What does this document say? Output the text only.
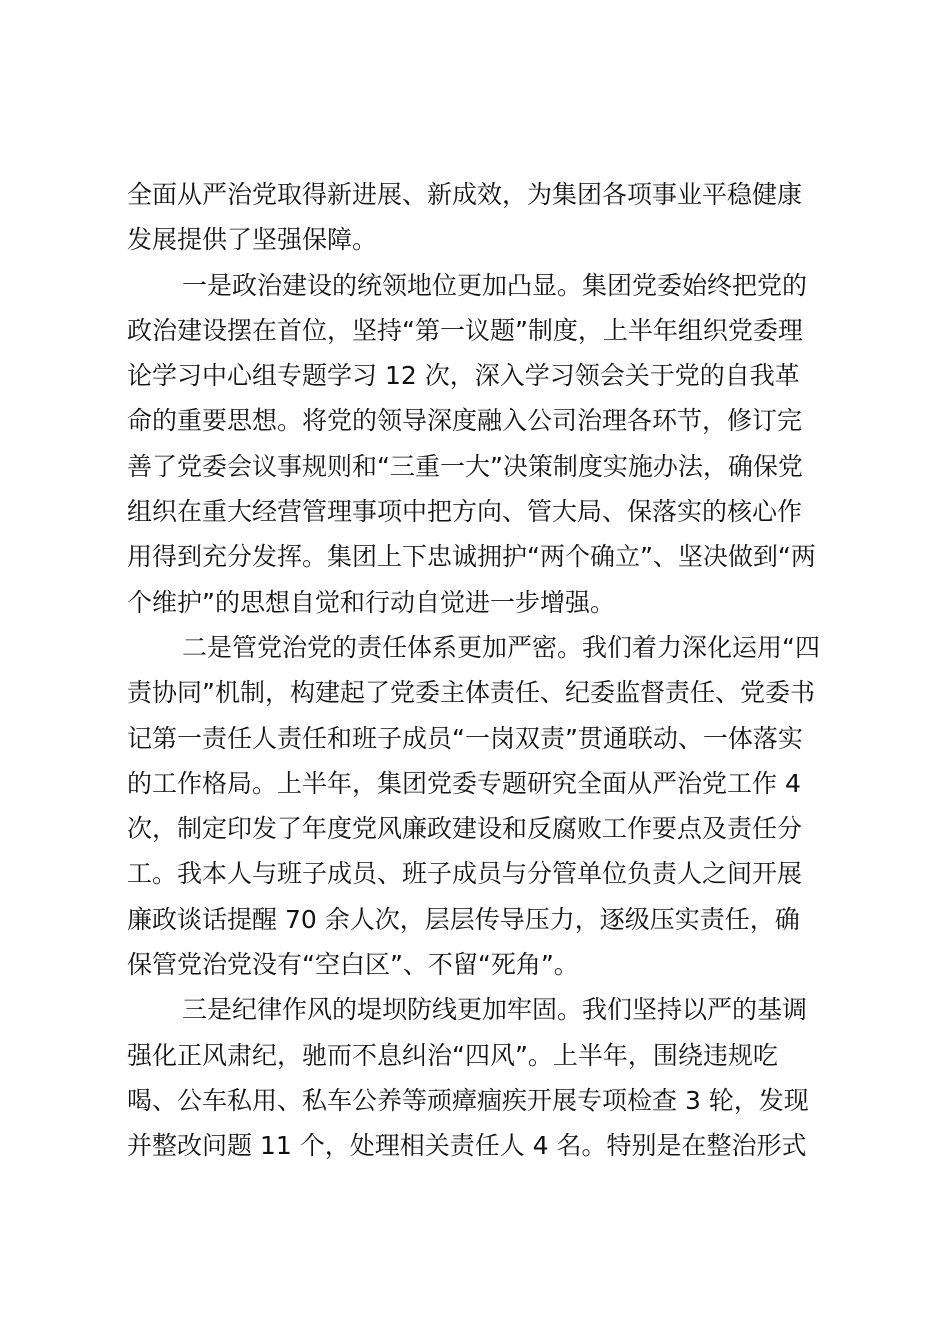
全面从严治党取得新进展、新成效，为集团各项事业平稳健康
发展提供了坚强保障。
一是政治建设的统领地位更加凸显。集团党委始终把党的
政治建设摆在首位，坚持“第一议题”制度，上半年组织党委理
论学习中心组专题学习 12 次，深入学习领会关于党的自我革
命的重要思想。将党的领导深度融入公司治理各环节，修订完
善了党委会议事规则和“三重一大”决策制度实施办法，确保党
组织在重大经营管理事项中把方向、管大局、保落实的核心作
用得到充分发挥。集团上下忠诚拥护“两个确立”、坚决做到“两
个维护”的思想自觉和行动自觉进一步增强。
二是管党治党的责任体系更加严密。我们着力深化运用“四
责协同”机制，构建起了党委主体责任、纪委监督责任、党委书
记第一责任人责任和班子成员“一岗双责”贯通联动、一体落实
的工作格局。上半年，集团党委专题研究全面从严治党工作 4
次，制定印发了年度党风廉政建设和反腐败工作要点及责任分
工。我本人与班子成员、班子成员与分管单位负责人之间开展
廉政谈话提醒 70 余人次，层层传导压力，逐级压实责任，确
保管党治党没有“空白区”、不留“死角”。
三是纪律作风的堤坝防线更加牢固。我们坚持以严的基调
强化正风肃纪，驰而不息纠治“四风”。上半年，围绕违规吃
喝、公车私用、私车公养等顽瘴痼疾开展专项检查 3 轮，发现
并整改问题 11 个，处理相关责任人 4 名。特别是在整治形式
